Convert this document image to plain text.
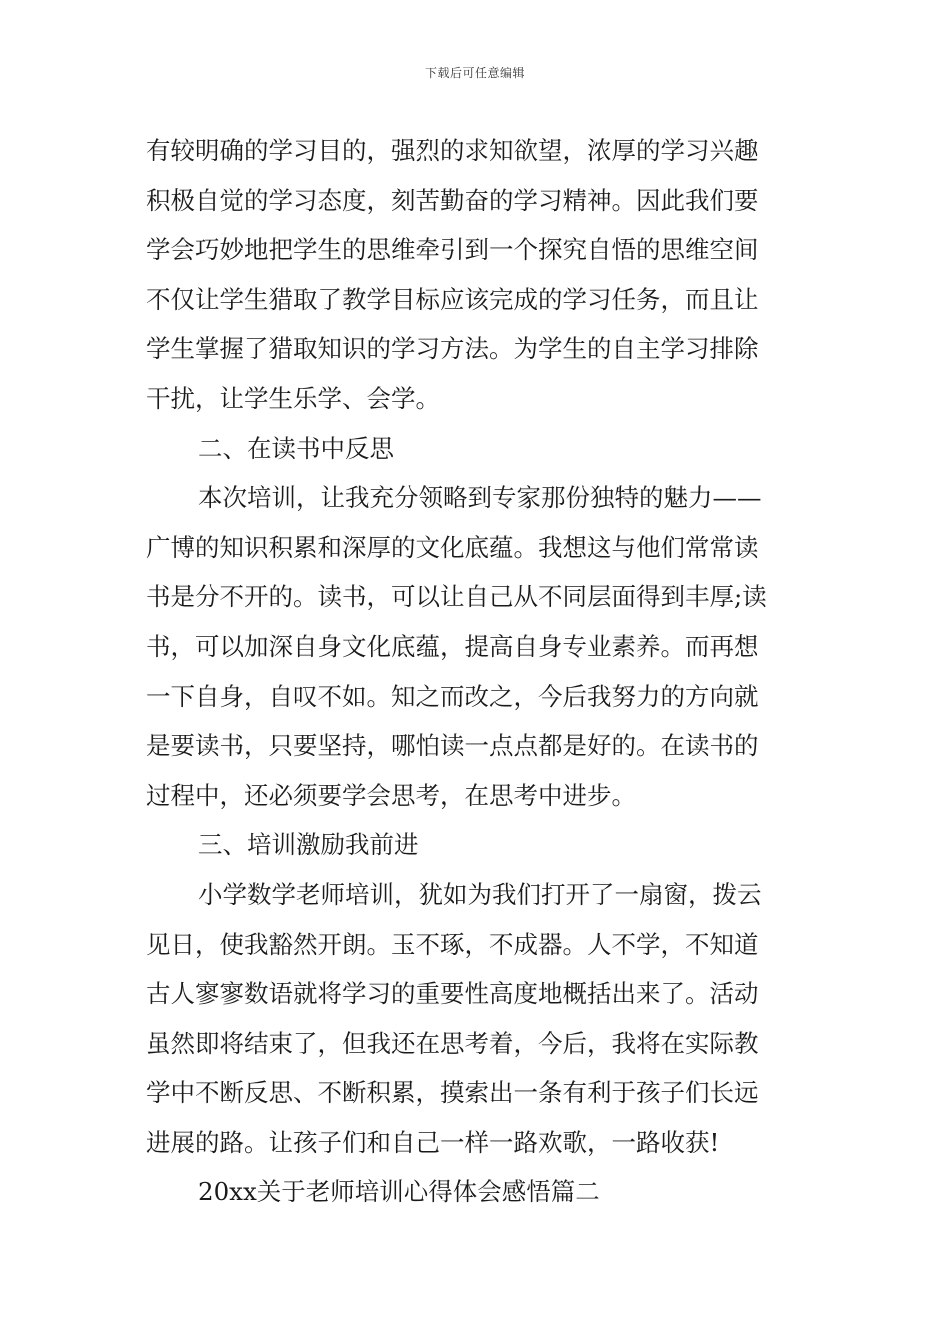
下载后可任意编辑
有较明确的学习目的，强烈的求知欲望，浓厚的学习兴趣
积极自觉的学习态度，刻苦勤奋的学习精神。因此我们要
学会巧妙地把学生的思维牵引到一个探究自悟的思维空间
不仅让学生猎取了教学目标应该完成的学习任务，而且让
学生掌握了猎取知识的学习方法。为学生的自主学习排除
干扰，让学生乐学、会学。
二、在读书中反思
本次培训，让我充分领略到专家那份独特的魅力——
广博的知识积累和深厚的文化底蕴。我想这与他们常常读
书是分不开的。读书，可以让自己从不同层面得到丰厚;读
书，可以加深自身文化底蕴，提高自身专业素养。而再想
一下自身，自叹不如。知之而改之，今后我努力的方向就
是要读书，只要坚持，哪怕读一点点都是好的。在读书的
过程中，还必须要学会思考，在思考中进步。
三、培训激励我前进
小学数学老师培训，犹如为我们打开了一扇窗，拨云
见日，使我豁然开朗。玉不琢，不成器。人不学，不知道
古人寥寥数语就将学习的重要性高度地概括出来了。活动
虽然即将结束了，但我还在思考着，今后，我将在实际教
学中不断反思、不断积累，摸索出一条有利于孩子们长远
进展的路。让孩子们和自己一样一路欢歌，一路收获!
20xx关于老师培训心得体会感悟篇二
